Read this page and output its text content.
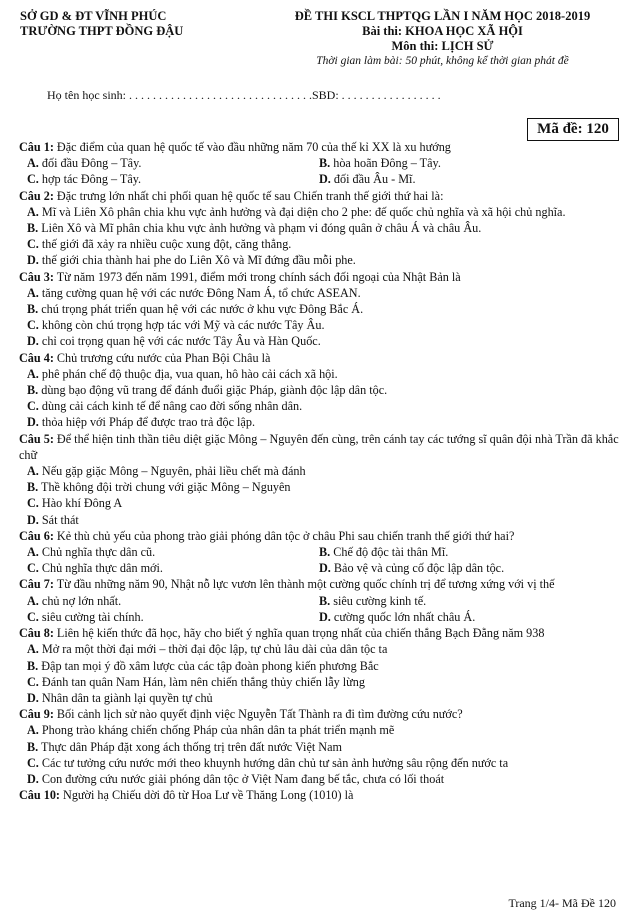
SỞ GD & ĐT VĨNH PHÚC
TRƯỜNG THPT ĐỒNG ĐẬU
ĐỀ THI KSCL THPTQG LẦN I NĂM HỌC 2018-2019
Bài thi: KHOA HỌC XÃ HỘI
Môn thi: LỊCH SỬ
Thời gian làm bài: 50 phút, không kể thời gian phát đề
Họ tên học sinh: . . . . . . . . . . . . . . . . . . . . . . . . . . . . . . .SBD: . . . . . . . . . . . . . . . . .
Mã đề: 120
Câu 1: Đặc điểm của quan hệ quốc tế vào đầu những năm 70 của thế kỉ XX là xu hướng
A. đối đầu Đông – Tây.	B. hòa hoãn Đông – Tây.
C. hợp tác Đông – Tây.	D. đối đầu Âu - Mĩ.
Câu 2: Đặc trưng lớn nhất chi phối quan hệ quốc tế sau Chiến tranh thế giới thứ hai là:
A. Mĩ và Liên Xô phân chia khu vực ảnh hưởng và đại diện cho 2 phe: đế quốc chủ nghĩa và xã hội chủ nghĩa.
B. Liên Xô và Mĩ phân chia khu vực ảnh hưởng và phạm vi đóng quân ở châu Á và châu Âu.
C. thế giới đã xảy ra nhiều cuộc xung đột, căng thẳng.
D. thế giới chia thành hai phe do Liên Xô và Mĩ đứng đầu mỗi phe.
Câu 3: Từ năm 1973 đến năm 1991, điểm mới trong chính sách đối ngoại của Nhật Bản là
A. tăng cường quan hệ với các nước Đông Nam Á, tổ chức ASEAN.
B. chú trọng phát triển quan hệ với các nước ở khu vực Đông Bắc Á.
C. không còn chú trọng hợp tác với Mỹ và các nước Tây Âu.
D. chỉ coi trọng quan hệ với các nước Tây Âu và Hàn Quốc.
Câu 4: Chủ trương cứu nước của Phan Bội Châu là
A. phê phán chế độ thuộc địa, vua quan, hô hào cải cách xã hội.
B. dùng bạo động vũ trang để đánh đuổi giặc Pháp, giành độc lập dân tộc.
C. dùng cải cách kinh tế để nâng cao đời sống nhân dân.
D. thỏa hiệp với Pháp để được trao trả độc lập.
Câu 5: Để thể hiện tinh thần tiêu diệt giặc Mông – Nguyên đến cùng, trên cánh tay các tướng sĩ quân đội nhà Trần đã khắc chữ
A. Nếu gặp giặc Mông – Nguyên, phải liều chết mà đánh
B. Thề không đội trời chung với giặc Mông – Nguyên
C. Hào khí Đông A
D. Sát thát
Câu 6: Kẻ thù chủ yếu của phong trào giải phóng dân tộc ở châu Phi sau chiến tranh thế giới thứ hai?
A. Chủ nghĩa thực dân cũ.	B. Chế độ độc tài thân Mĩ.
C. Chủ nghĩa thực dân mới.	D. Bảo vệ và củng cố độc lập dân tộc.
Câu 7: Từ đầu những năm 90, Nhật nỗ lực vươn lên thành một cường quốc chính trị để tương xứng với vị thế
A. chủ nợ lớn nhất.	B. siêu cường kinh tế.
C. siêu cường tài chính.	D. cường quốc lớn nhất châu Á.
Câu 8: Liên hệ kiến thức đã học, hãy cho biết ý nghĩa quan trọng nhất của chiến thắng Bạch Đằng năm 938
A. Mở ra một thời đại mới – thời đại độc lập, tự chủ lâu dài của dân tộc ta
B. Đập tan mọi ý đồ xâm lược của các tập đoàn phong kiến phương Bắc
C. Đánh tan quân Nam Hán, làm nên chiến thắng thủy chiến lẫy lừng
D. Nhân dân ta giành lại quyền tự chủ
Câu 9: Bối cảnh lịch sử nào quyết định việc Nguyễn Tất Thành ra đi tìm đường cứu nước?
A. Phong trào kháng chiến chống Pháp của nhân dân ta phát triển mạnh mẽ
B. Thực dân Pháp đặt xong ách thống trị trên đất nước Việt Nam
C. Các tư tưởng cứu nước mới theo khuynh hướng dân chủ tư sản ảnh hưởng sâu rộng đến nước ta
D. Con đường cứu nước giải phóng dân tộc ở Việt Nam đang bế tắc, chưa có lối thoát
Câu 10: Người hạ Chiếu dời đô từ Hoa Lư về Thăng Long (1010) là
Trang 1/4- Mã Đề 120
